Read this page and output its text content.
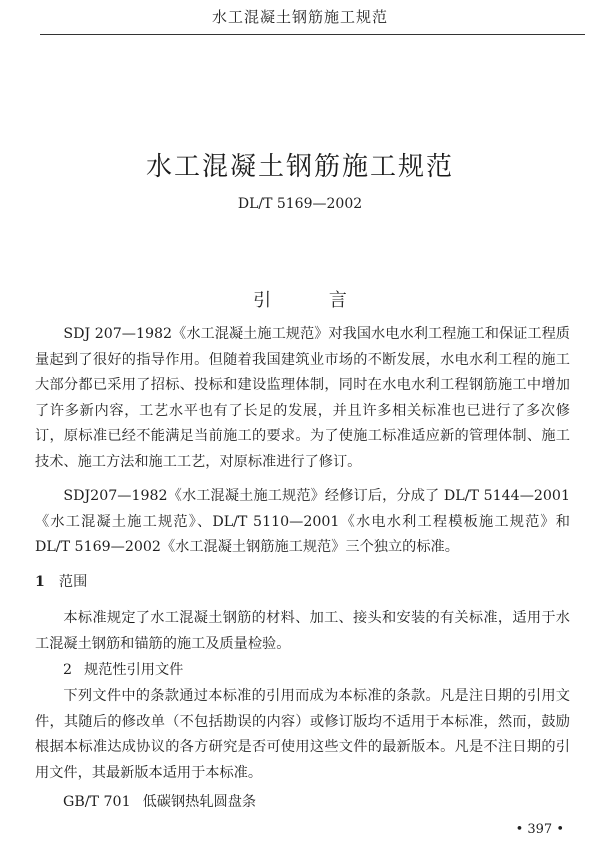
水工混凝土钢筋施工规范
水工混凝土钢筋施工规范
DL/T 5169—2002
引 言

SDJ 207—1982《水工混凝土施工规范》对我国水电水利工程施工和保证工程质量起到了很好的指导作用。但随着我国建筑业市场的不断发展，水电水利工程的施工大部分都已采用了招标、投标和建设监理体制，同时在水电水利工程钢筋施工中增加了许多新内容，工艺水平也有了长足的发展，并且许多相关标准也已进行了多次修订，原标准已经不能满足当前施工的要求。为了使施工标准适应新的管理体制、施工技术、施工方法和施工工艺，对原标准进行了修订。

SDJ207—1982《水工混凝土施工规范》经修订后，分成了 DL/T 5144—2001《水工混凝土施工规范》、DL/T 5110—2001《水电水利工程模板施工规范》和 DL/T 5169—2002《水工混凝土钢筋施工规范》三个独立的标准。

1 范围

本标准规定了水工混凝土钢筋的材料、加工、接头和安装的有关标准，适用于水工混凝土钢筋和锚筋的施工及质量检验。

2 规范性引用文件

下列文件中的条款通过本标准的引用而成为本标准的条款。凡是注日期的引用文件，其随后的修改单（不包括勘误的内容）或修订版均不适用于本标准，然而，鼓励根据本标准达成协议的各方研究是否可使用这些文件的最新版本。凡是不注日期的引用文件，其最新版本适用于本标准。

GB/T 701 低碳钢热轧圆盘条
• 397 •
